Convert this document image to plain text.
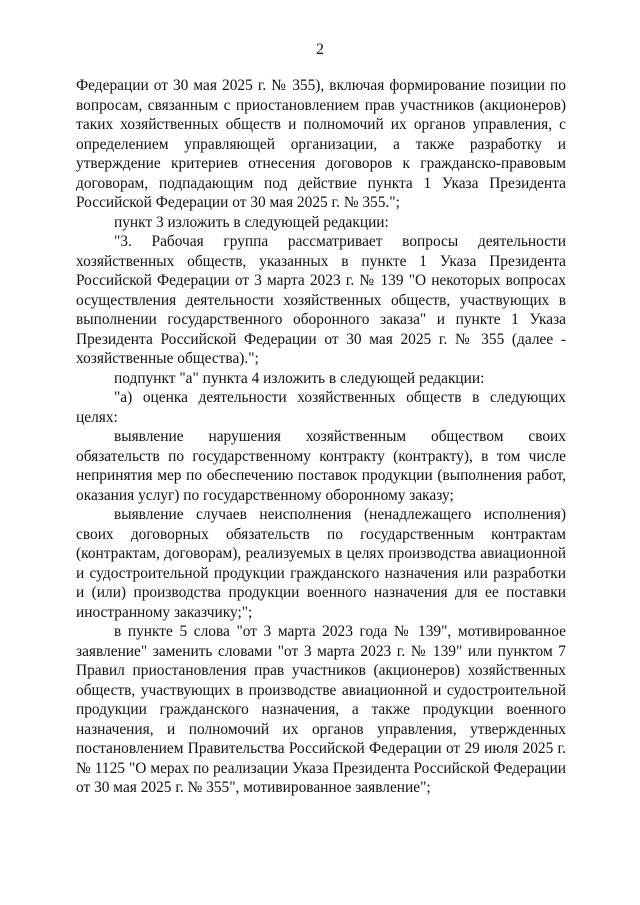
2

Федерации от 30 мая 2025 г. № 355), включая формирование позиции по вопросам, связанным с приостановлением прав участников (акционеров) таких хозяйственных обществ и полномочий их органов управления, с определением управляющей организации, а также разработку и утверждение критериев отнесения договоров к гражданско-правовым договорам, подпадающим под действие пункта 1 Указа Президента Российской Федерации от 30 мая 2025 г. № 355.";

пункт 3 изложить в следующей редакции:

"3. Рабочая группа рассматривает вопросы деятельности хозяйственных обществ, указанных в пункте 1 Указа Президента Российской Федерации от 3 марта 2023 г. № 139 "О некоторых вопросах осуществления деятельности хозяйственных обществ, участвующих в выполнении государственного оборонного заказа" и пункте 1 Указа Президента Российской Федерации от 30 мая 2025 г. № 355 (далее - хозяйственные общества).";

подпункт "а" пункта 4 изложить в следующей редакции:

"а) оценка деятельности хозяйственных обществ в следующих целях:

выявление нарушения хозяйственным обществом своих обязательств по государственному контракту (контракту), в том числе непринятия мер по обеспечению поставок продукции (выполнения работ, оказания услуг) по государственному оборонному заказу;

выявление случаев неисполнения (ненадлежащего исполнения) своих договорных обязательств по государственным контрактам (контрактам, договорам), реализуемых в целях производства авиационной и судостроительной продукции гражданского назначения или разработки и (или) производства продукции военного назначения для ее поставки иностранному заказчику;";

в пункте 5 слова "от 3 марта 2023 года № 139", мотивированное заявление" заменить словами "от 3 марта 2023 г. № 139" или пунктом 7 Правил приостановления прав участников (акционеров) хозяйственных обществ, участвующих в производстве авиационной и судостроительной продукции гражданского назначения, а также продукции военного назначения, и полномочий их органов управления, утвержденных постановлением Правительства Российской Федерации от 29 июля 2025 г. № 1125 "О мерах по реализации Указа Президента Российской Федерации от 30 мая 2025 г. № 355", мотивированное заявление";
